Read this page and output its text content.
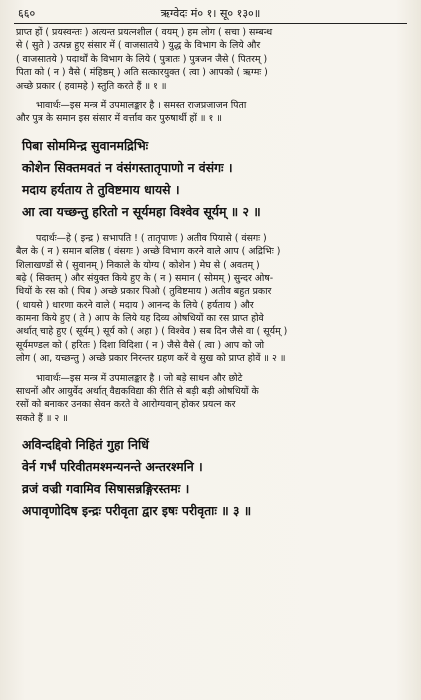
६६०	ऋग्वेदः मं० १। सू० १३०॥
प्राप्त हों ( प्रयस्वन्तः ) अत्यन्त प्रयत्नशील ( वयम् ) हम लोग ( सचा ) सम्बन्ध
से ( सुते ) उत्पन्न हुए संसार में ( वाजसातये ) युद्ध के विभाग के लिये और
( वाजसातये ) पदार्थों के विभाग के लिये ( पुत्रातः ) पुत्रजन जैसे ( पितरम् )
पिता को ( न ) वैसे ( मंहिष्ठम् ) अति सत्कारयुक्त ( त्वा ) आपको ( ऋग्मः )
अच्छे प्रकार ( हवामहे ) स्तुति करते हैं ॥ १ ॥
भावार्थः—इस मन्त्र में उपमालङ्कार है । समस्त राजप्रजाजन पिता
और पुत्र के समान इस संसार में वर्त्ताव कर पुरुषार्थी हों ॥ १ ॥
पिबा सोममिन्द्र सुवानमद्रिभिः
कोशेन सिक्तमवतं न वंसंगस्तातृपाणो न वंसंगः ।
मदाय हर्यताय ते तुविष्टमाय धायसे ।
आ त्वा यच्छन्तु हरितो न सूर्यमहा विश्वेव सूर्यम् ॥ २ ॥
पदार्थः—हे ( इन्द्र ) सभापति ! ( तातृपाणः ) अतीव पियासे ( वंसगः )
बैल के ( न ) समान बलिष्ठ ( वंसगः ) अच्छे विभाग करने वाले आप ( अद्रिभिः )
शिलाखण्डों से ( सुवानम् ) निकाले के योग्य ( कोशेन ) मेघ से ( अवतम् )
बढ़े ( सिक्तम् ) और संयुक्त किये हुए के ( न ) समान ( सोमम् ) सुन्दर ओष-
धियों के रस को ( पिब ) अच्छे प्रकार पिओ ( तुविष्टमाय ) अतीव बहुत प्रकार
( धायसे ) धारणा करने वाले ( मदाय ) आनन्द के लिये ( हर्यताय ) और
कामना किये हुए ( ते ) आप के लिये यह दिव्य ओषधियों का रस प्राप्त होवे
अर्थात् चाहे हुए ( सूर्यम् ) सूर्य को ( अहा ) ( विश्वेव ) सब दिन जैसे वा ( सूर्यम् )
सूर्यमण्डल को ( हरितः ) दिशा विदिशा ( न ) जैसे वैसे ( त्वा ) आप को जो
लोग ( आ, यच्छन्तु ) अच्छे प्रकार निरन्तर ग्रहण करें वे सुख को प्राप्त होवें ॥ २ ॥
भावार्थः—इस मन्त्र में उपमालङ्कार है । जो बड़े साधन और छोटे
साधनों और आयुर्वेद अर्थात् वैद्यकविद्या की रीति से बड़ी बड़ी ओषधियों के
रसों को बनाकर उनका सेवन करते वे आरोग्यवान् होकर प्रयत्न कर
सकते हैं ॥ २ ॥
अविन्दद्दिवो निहितं गुहा निधिं
वेर्न गर्भं परिवीतमश्मन्यनन्ते अन्तरश्मनि ।
व्रजं वज्री गवामिव सिषासन्नङ्गिरस्तमः ।
अपावृणोदिष इन्द्रः परीवृता द्वार इषः परीवृताः ॥ ३ ॥
